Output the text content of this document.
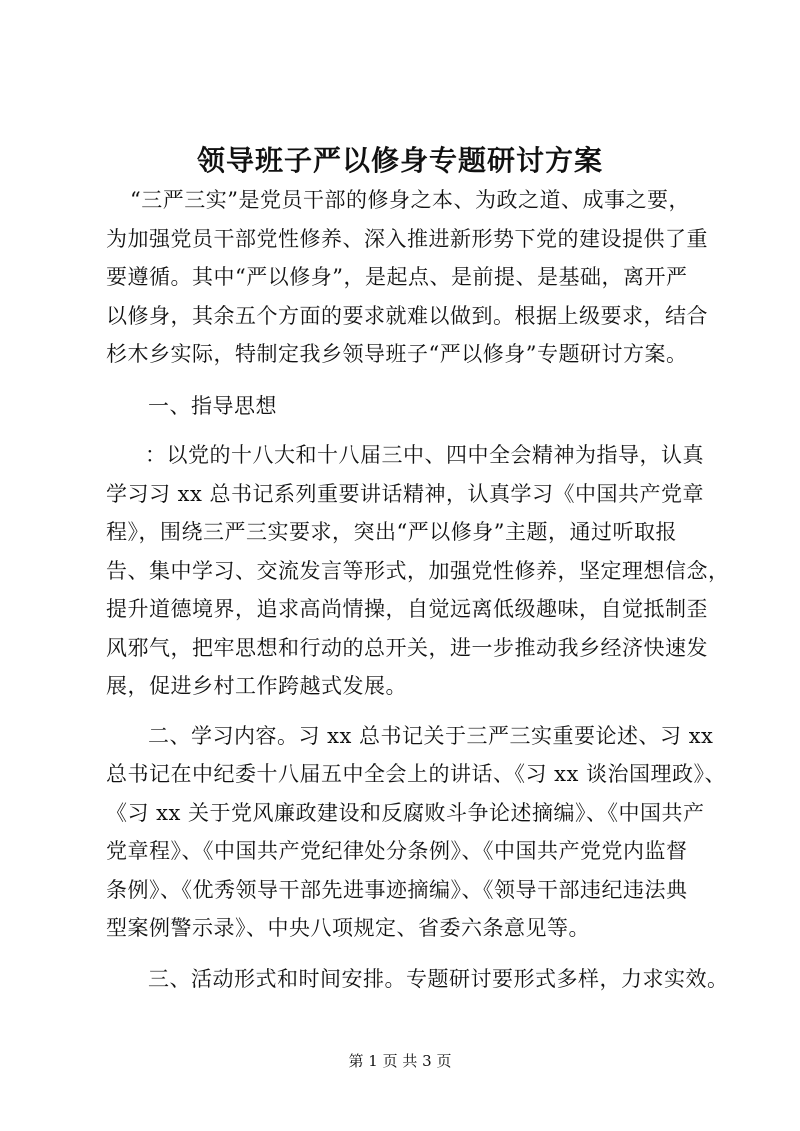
领导班子严以修身专题研讨方案
“三严三实”是党员干部的修身之本、为政之道、成事之要，
为加强党员干部党性修养、深入推进新形势下党的建设提供了重
要遵循。其中“严以修身”，是起点、是前提、是基础，离开严
以修身，其余五个方面的要求就难以做到。根据上级要求，结合
杉木乡实际，特制定我乡领导班子“严以修身”专题研讨方案。
一、指导思想
：以党的十八大和十八届三中、四中全会精神为指导，认真
学习习 xx 总书记系列重要讲话精神，认真学习《中国共产党章
程》，围绕三严三实要求，突出“严以修身”主题，通过听取报
告、集中学习、交流发言等形式，加强党性修养，坚定理想信念，
提升道德境界，追求高尚情操，自觉远离低级趣味，自觉抵制歪
风邪气，把牢思想和行动的总开关，进一步推动我乡经济快速发
展，促进乡村工作跨越式发展。
二、学习内容。习 xx 总书记关于三严三实重要论述、习 xx
总书记在中纪委十八届五中全会上的讲话、《习 xx 谈治国理政》、
《习 xx 关于党风廉政建设和反腐败斗争论述摘编》、《中国共产
党章程》、《中国共产党纪律处分条例》、《中国共产党党内监督
条例》、《优秀领导干部先进事迹摘编》、《领导干部违纪违法典
型案例警示录》、中央八项规定、省委六条意见等。
三、活动形式和时间安排。专题研讨要形式多样，力求实效。
第 1 页 共 3 页
